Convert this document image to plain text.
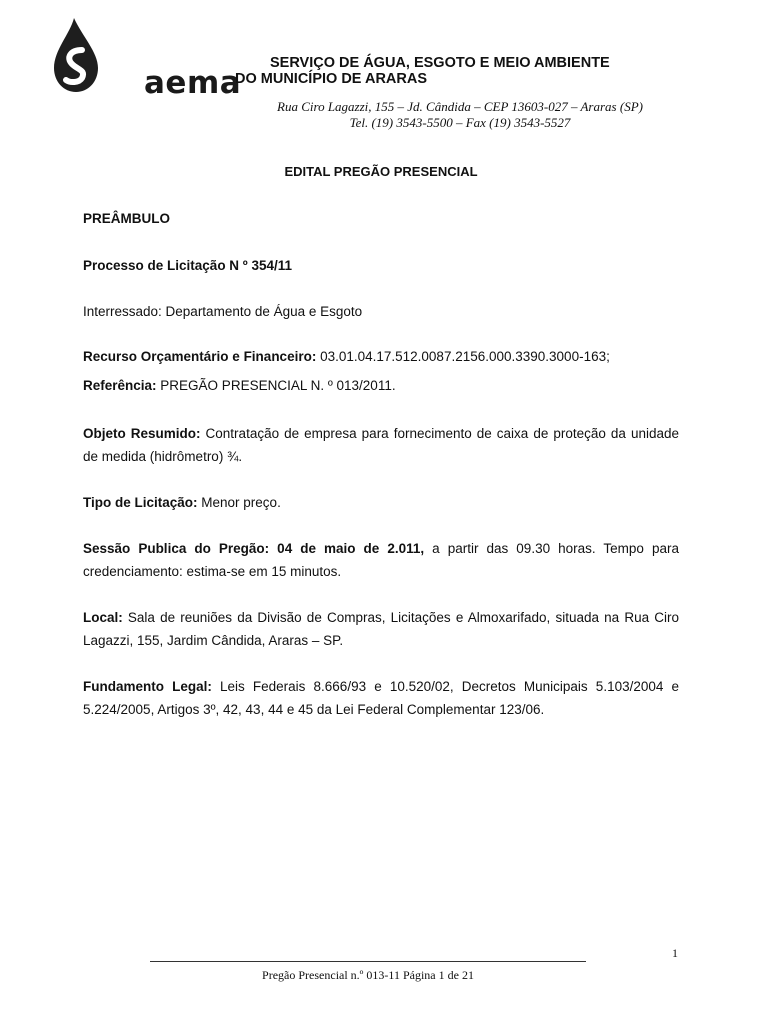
aema
SERVIÇO DE ÁGUA, ESGOTO E MEIO AMBIENTE
DO MUNICÍPIO DE ARARAS
Rua Ciro Lagazzi, 155 – Jd. Cândida – CEP 13603-027 – Araras (SP)
Tel. (19) 3543-5500 – Fax (19) 3543-5527
EDITAL PREGÃO PRESENCIAL
PREÂMBULO
Processo de Licitação N º 354/11
Interressado: Departamento de Água e Esgoto
Recurso Orçamentário e Financeiro: 03.01.04.17.512.0087.2156.000.3390.3000-163;
Referência: PREGÃO PRESENCIAL N. º 013/2011.
Objeto Resumido: Contratação de empresa para fornecimento de caixa de proteção da unidade de medida (hidrômetro) ¾.
Tipo de Licitação: Menor preço.
Sessão Publica do Pregão: 04 de maio de 2.011, a partir das 09.30 horas. Tempo para credenciamento: estima-se em 15 minutos.
Local: Sala de reuniões da Divisão de Compras, Licitações e Almoxarifado, situada na Rua Ciro Lagazzi, 155, Jardim Cândida, Araras – SP.
Fundamento Legal: Leis Federais 8.666/93 e 10.520/02, Decretos Municipais 5.103/2004 e 5.224/2005, Artigos 3º, 42, 43, 44 e 45 da Lei Federal Complementar 123/06.
1
Pregão Presencial n.º 013-11 Página 1 de 21
